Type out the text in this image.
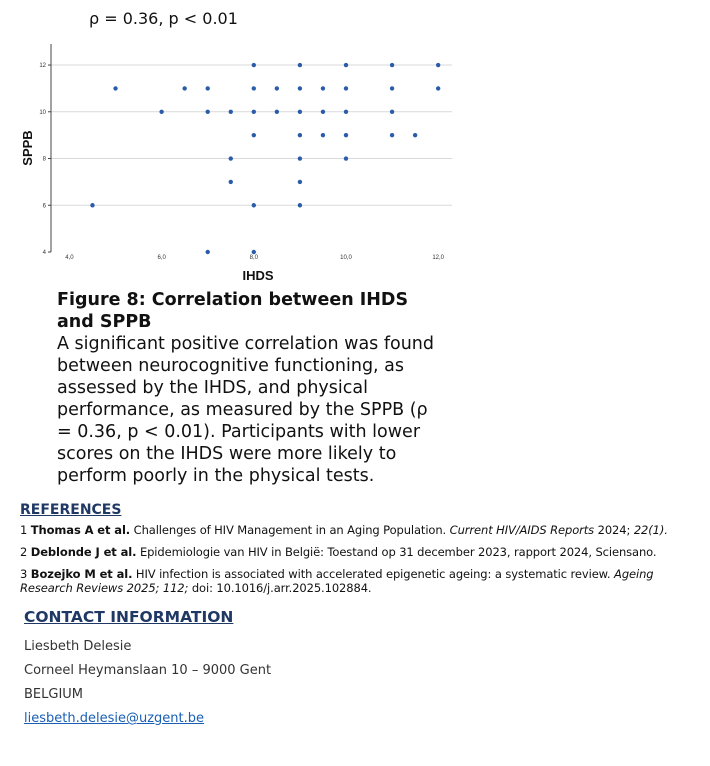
ρ = 0.36, p < 0.01
4
6
8
10
12
4,0	6,0	8,0	10,0	12,0
IHDS
SPPB
Figure 8: Correlation between IHDS and SPPB
A significant positive correlation was found between neurocognitive functioning, as assessed by the IHDS, and physical performance, as measured by the SPPB (ρ = 0.36, p < 0.01). Participants with lower scores on the IHDS were more likely to perform poorly in the physical tests.
REFERENCES
1 Thomas A et al. Challenges of HIV Management in an Aging Population. Current HIV/AIDS Reports 2024; 22(1).
2 Deblonde J et al. Epidemiologie van HIV in België: Toestand op 31 december 2023, rapport 2024, Sciensano.
3 Bozejko M et al. HIV infection is associated with accelerated epigenetic ageing: a systematic review. Ageing Research Reviews 2025; 112; doi: 10.1016/j.arr.2025.102884.
CONTACT INFORMATION
Liesbeth Delesie
Corneel Heymanslaan 10 – 9000 Gent
BELGIUM
liesbeth.delesie@uzgent.be
